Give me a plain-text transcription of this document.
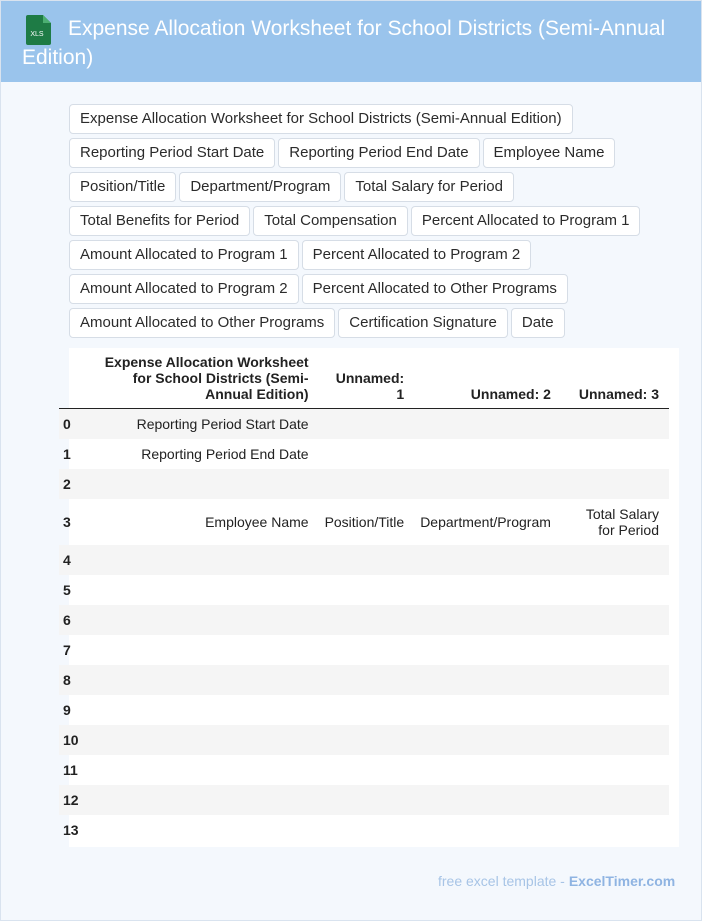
XLS	Expense Allocation Worksheet for School Districts (Semi-Annual Edition)
Expense Allocation Worksheet for School Districts (Semi-Annual Edition)
Reporting Period Start Date	Reporting Period End Date	Employee Name
Position/Title	Department/Program	Total Salary for Period
Total Benefits for Period	Total Compensation	Percent Allocated to Program 1
Amount Allocated to Program 1	Percent Allocated to Program 2
Amount Allocated to Program 2	Percent Allocated to Other Programs
Amount Allocated to Other Programs	Certification Signature	Date
	Expense Allocation Worksheet for School Districts (Semi-Annual Edition)	Unnamed: 1	Unnamed: 2	Unnamed: 3
0	Reporting Period Start Date			
1	Reporting Period End Date			
2				
3	Employee Name	Position/Title	Department/Program	Total Salary for Period
4				
5				
6				
7				
8				
9				
10				
11				
12				
13				
free excel template - ExcelTimer.com
